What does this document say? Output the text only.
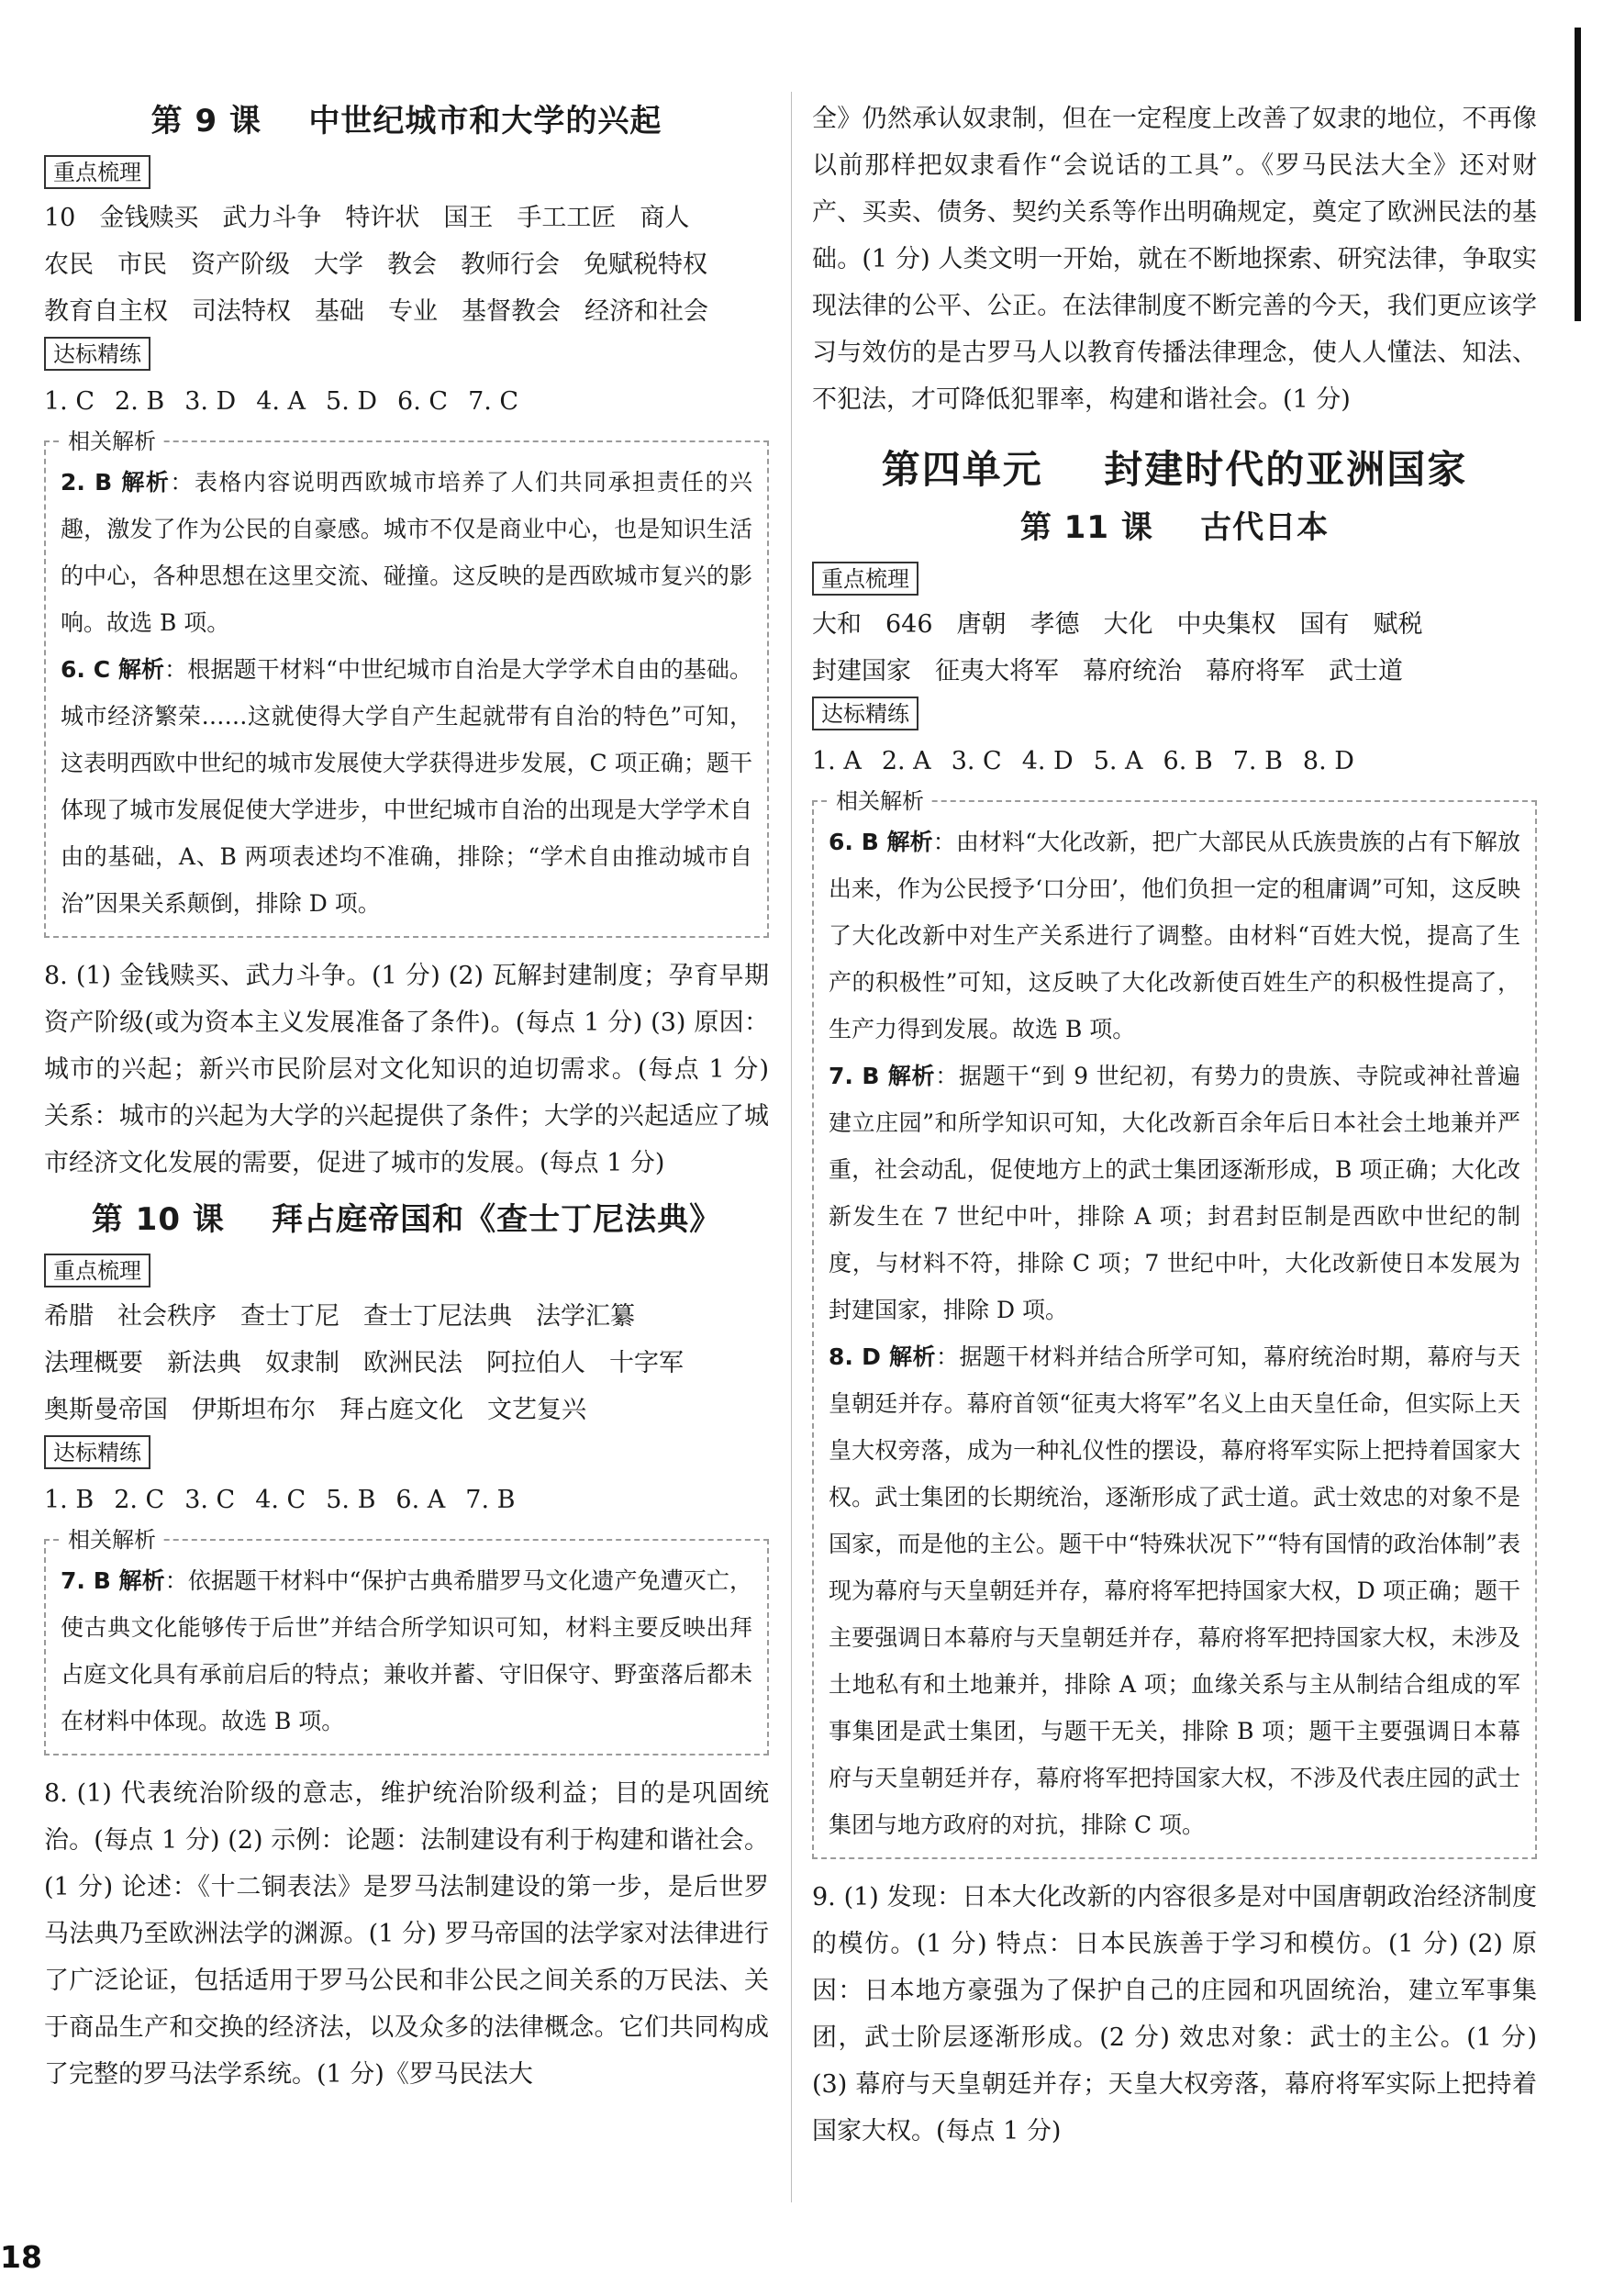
第 9 课    中世纪城市和大学的兴起
重点梳理
10 金钱赎买 武力斗争 特许状 国王 手工工匠 商人农民 市民 资产阶级 大学 教会 教师行会 免赋税特权教育自主权 司法特权 基础 专业 基督教会 经济和社会
达标精练
1. C 2. B 3. D 4. A 5. D 6. C 7. C
相关解析

2. B 解析：表格内容说明西欧城市培养了人们共同承担责任的兴趣，激发了作为公民的自豪感。城市不仅是商业中心，也是知识生活的中心，各种思想在这里交流、碰撞。这反映的是西欧城市复兴的影响。故选 B 项。

6. C 解析：根据题干材料“中世纪城市自治是大学学术自由的基础。城市经济繁荣……这就使得大学自产生起就带有自治的特色”可知，这表明西欧中世纪的城市发展使大学获得进步发展，C 项正确；题干体现了城市发展促使大学进步，中世纪城市自治的出现是大学学术自由的基础，A、B 两项表述均不准确，排除；“学术自由推动城市自治”因果关系颠倒，排除 D 项。

8. (1) 金钱赎买、武力斗争。(1 分) (2) 瓦解封建制度；孕育早期资产阶级(或为资本主义发展准备了条件)。(每点 1 分) (3) 原因：城市的兴起；新兴市民阶层对文化知识的迫切需求。(每点 1 分) 关系：城市的兴起为大学的兴起提供了条件；大学的兴起适应了城市经济文化发展的需要，促进了城市的发展。(每点 1 分)

第 10 课    拜占庭帝国和《查士丁尼法典》
重点梳理
希腊 社会秩序 查士丁尼 查士丁尼法典 法学汇纂法理概要 新法典 奴隶制 欧洲民法 阿拉伯人 十字军奥斯曼帝国 伊斯坦布尔 拜占庭文化 文艺复兴
达标精练
1. B 2. C 3. C 4. C 5. B 6. A 7. B
相关解析

7. B 解析：依据题干材料中“保护古典希腊罗马文化遗产免遭灭亡，使古典文化能够传于后世”并结合所学知识可知，材料主要反映出拜占庭文化具有承前启后的特点；兼收并蓄、守旧保守、野蛮落后都未在材料中体现。故选 B 项。

8. (1) 代表统治阶级的意志，维护统治阶级利益；目的是巩固统治。(每点 1 分) (2) 示例：论题：法制建设有利于构建和谐社会。(1 分) 论述：《十二铜表法》是罗马法制建设的第一步，是后世罗马法典乃至欧洲法学的渊源。(1 分) 罗马帝国的法学家对法律进行了广泛论证，包括适用于罗马公民和非公民之间关系的万民法、关于商品生产和交换的经济法，以及众多的法律概念。它们共同构成了完整的罗马法学系统。(1 分)《罗马民法大

全》仍然承认奴隶制，但在一定程度上改善了奴隶的地位，不再像以前那样把奴隶看作“会说话的工具”。《罗马民法大全》还对财产、买卖、债务、契约关系等作出明确规定，奠定了欧洲民法的基础。(1 分) 人类文明一开始，就在不断地探索、研究法律，争取实现法律的公平、公正。在法律制度不断完善的今天，我们更应该学习与效仿的是古罗马人以教育传播法律理念，使人人懂法、知法、不犯法，才可降低犯罪率，构建和谐社会。(1 分)

第四单元    封建时代的亚洲国家
第 11 课    古代日本
重点梳理
大和 646 唐朝 孝德 大化 中央集权 国有 赋税封建国家 征夷大将军 幕府统治 幕府将军 武士道
达标精练
1. A 2. A 3. C 4. D 5. A 6. B 7. B 8. D
相关解析

6. B 解析：由材料“大化改新，把广大部民从氏族贵族的占有下解放出来，作为公民授予‘口分田’，他们负担一定的租庸调”可知，这反映了大化改新中对生产关系进行了调整。由材料“百姓大悦，提高了生产的积极性”可知，这反映了大化改新使百姓生产的积极性提高了，生产力得到发展。故选 B 项。

7. B 解析：据题干“到 9 世纪初，有势力的贵族、寺院或神社普遍建立庄园”和所学知识可知，大化改新百余年后日本社会土地兼并严重，社会动乱，促使地方上的武士集团逐渐形成，B 项正确；大化改新发生在 7 世纪中叶，排除 A 项；封君封臣制是西欧中世纪的制度，与材料不符，排除 C 项；7 世纪中叶，大化改新使日本发展为封建国家，排除 D 项。

8. D 解析：据题干材料并结合所学可知，幕府统治时期，幕府与天皇朝廷并存。幕府首领“征夷大将军”名义上由天皇任命，但实际上天皇大权旁落，成为一种礼仪性的摆设，幕府将军实际上把持着国家大权。武士集团的长期统治，逐渐形成了武士道。武士效忠的对象不是国家，而是他的主公。题干中“特殊状况下”“特有国情的政治体制”表现为幕府与天皇朝廷并存，幕府将军把持国家大权，D 项正确；题干主要强调日本幕府与天皇朝廷并存，幕府将军把持国家大权，未涉及土地私有和土地兼并，排除 A 项；血缘关系与主从制结合组成的军事集团是武士集团，与题干无关，排除 B 项；题干主要强调日本幕府与天皇朝廷并存，幕府将军把持国家大权，不涉及代表庄园的武士集团与地方政府的对抗，排除 C 项。

9. (1) 发现：日本大化改新的内容很多是对中国唐朝政治经济制度的模仿。(1 分) 特点：日本民族善于学习和模仿。(1 分) (2) 原因：日本地方豪强为了保护自己的庄园和巩固统治，建立军事集团，武士阶层逐渐形成。(2 分) 效忠对象：武士的主公。(1 分) (3) 幕府与天皇朝廷并存；天皇大权旁落，幕府将军实际上把持着国家大权。(每点 1 分)

18
